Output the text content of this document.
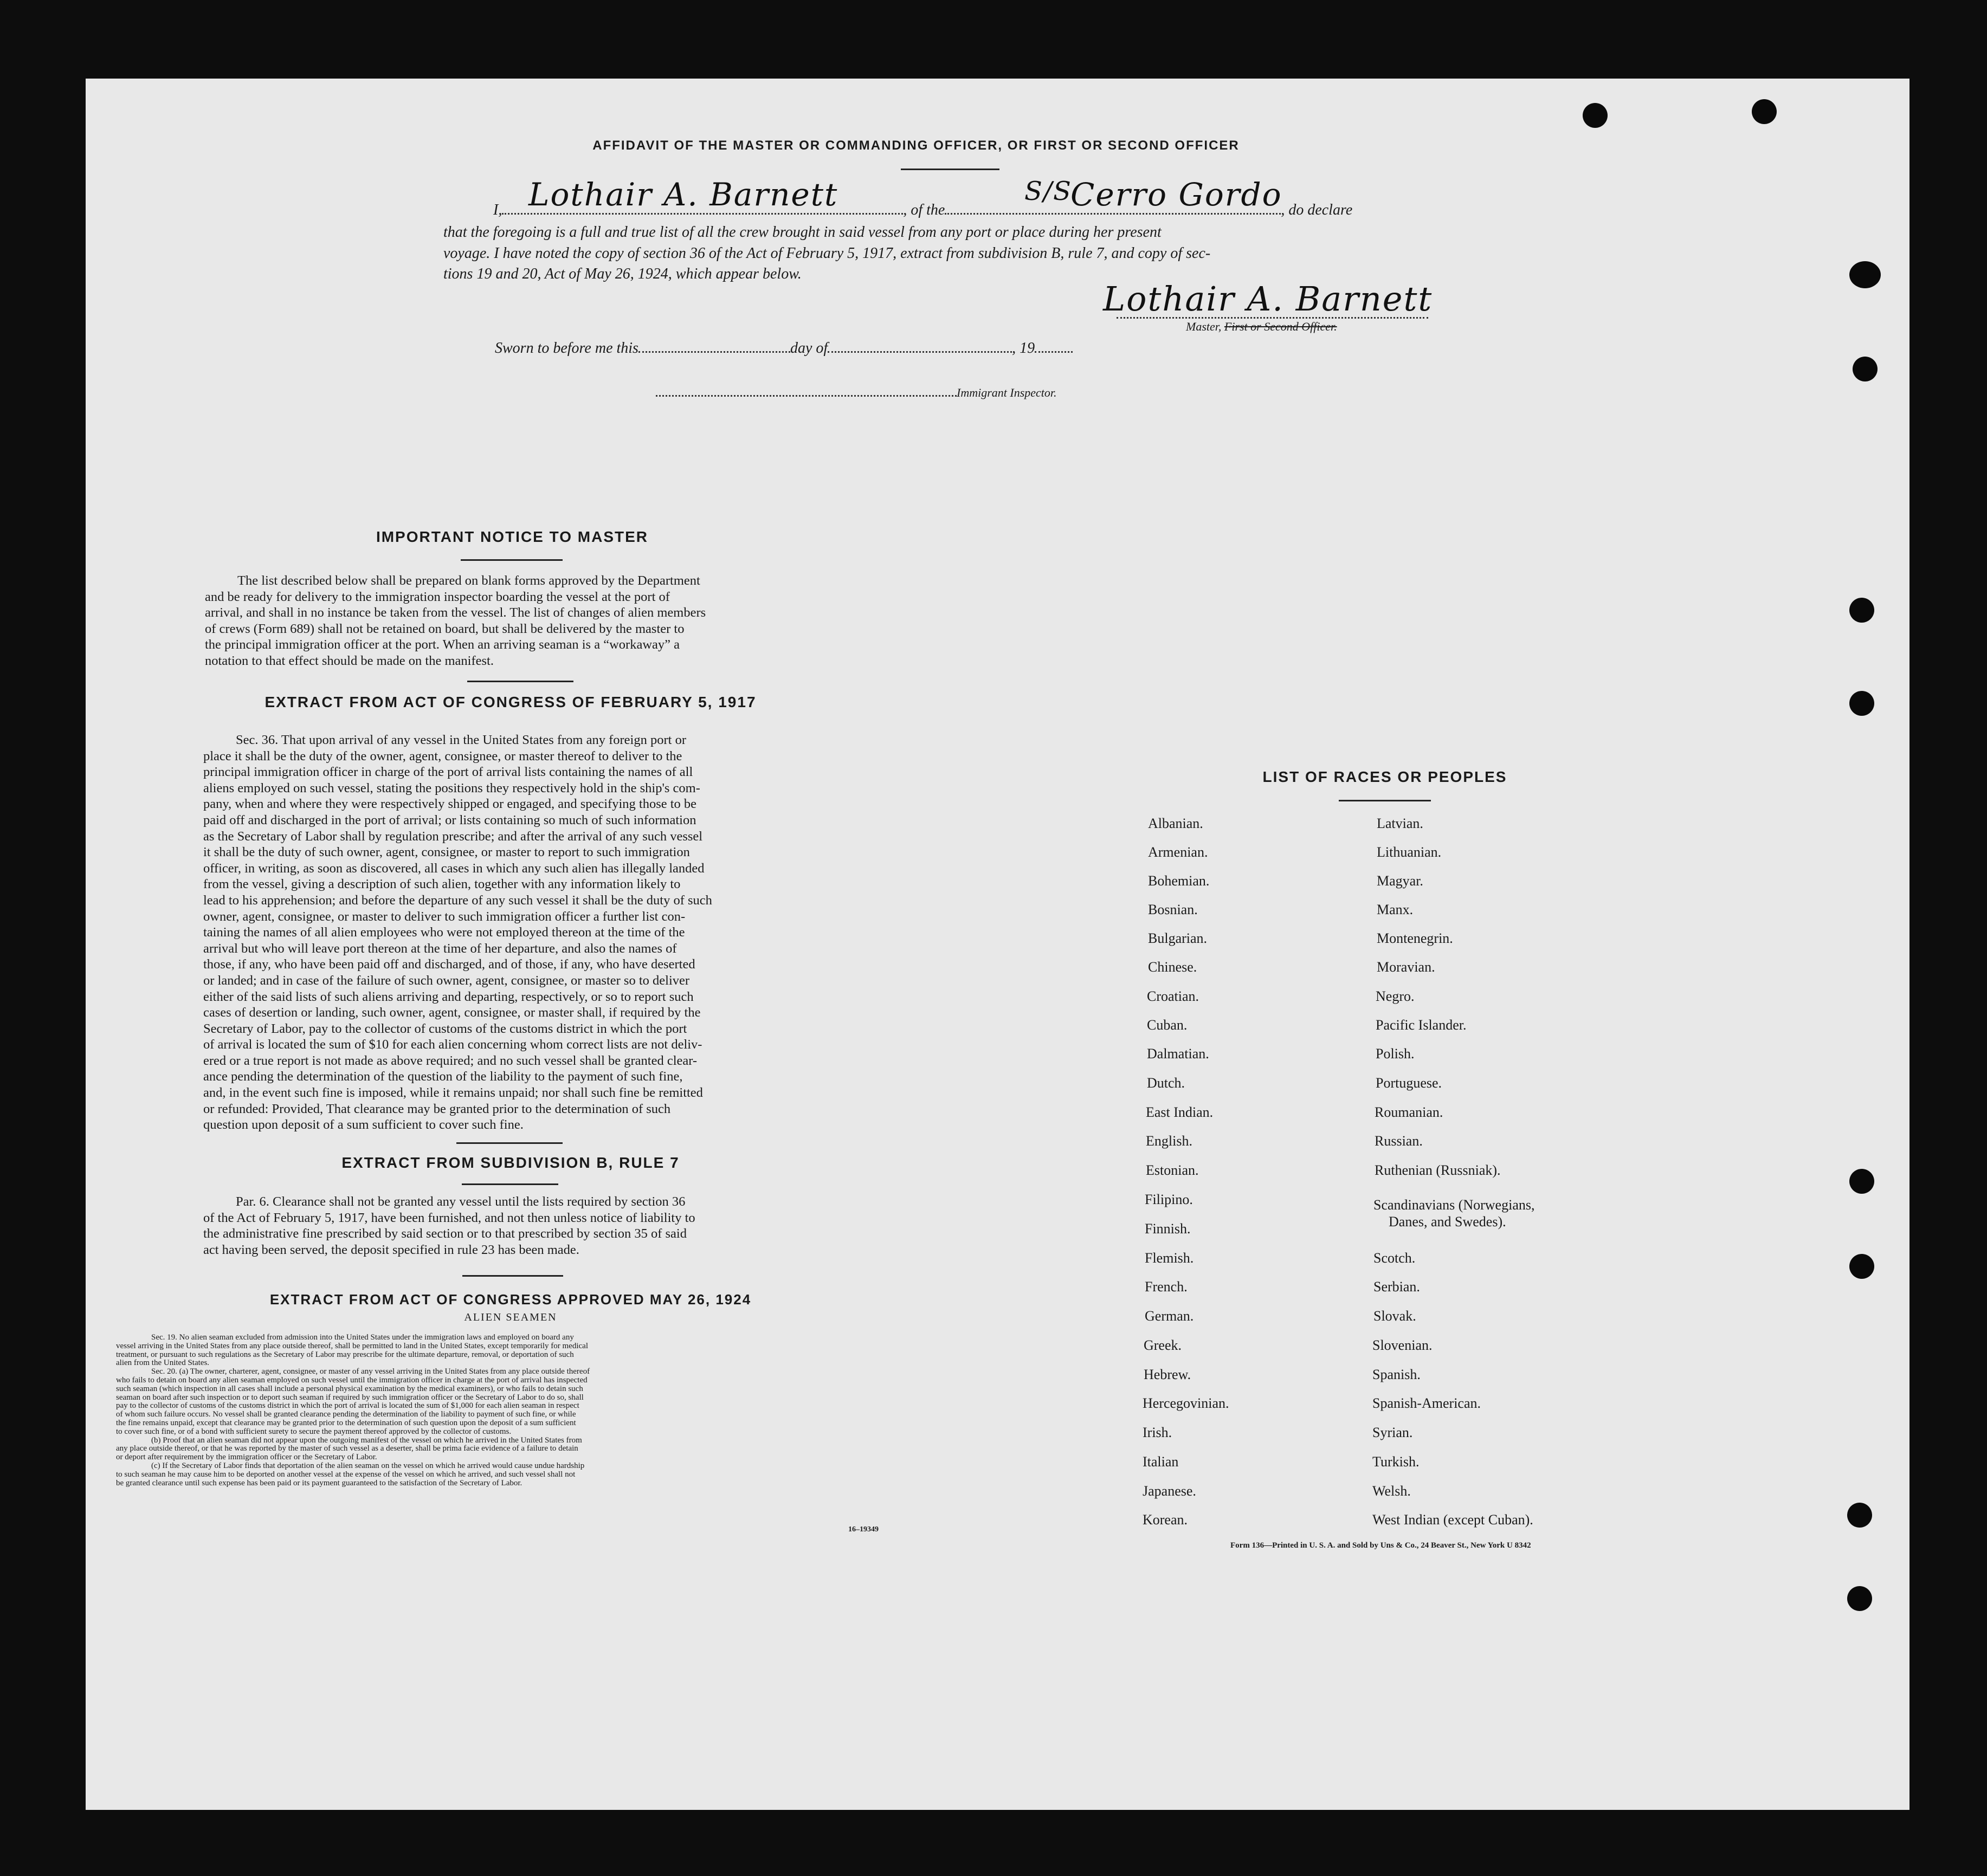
AFFIDAVIT OF THE MASTER OR COMMANDING OFFICER, OR FIRST OR SECOND OFFICER
I,	, of the	, do declare
Lothair A. Barnett	S/S
Cerro Gordo
that the foregoing is a full and true list of all the crew brought in said vessel from any port or place during her present
voyage. I have noted the copy of section 36 of the Act of February 5, 1917, extract from subdivision B, rule 7, and copy of sec-
tions 19 and 20, Act of May 26, 1924, which appear below.
Lothair A. Barnett
Master, First or Second Officer.
Sworn to before me this	day of	, 19
Immigrant Inspector.
IMPORTANT NOTICE TO MASTER
The list described below shall be prepared on blank forms approved by the Department
and be ready for delivery to the immigration inspector boarding the vessel at the port of
arrival, and shall in no instance be taken from the vessel. The list of changes of alien members
of crews (Form 689) shall not be retained on board, but shall be delivered by the master to
the principal immigration officer at the port. When an arriving seaman is a “workaway” a
notation to that effect should be made on the manifest.
EXTRACT FROM ACT OF CONGRESS OF FEBRUARY 5, 1917
Sec. 36. That upon arrival of any vessel in the United States from any foreign port or
place it shall be the duty of the owner, agent, consignee, or master thereof to deliver to the
principal immigration officer in charge of the port of arrival lists containing the names of all
aliens employed on such vessel, stating the positions they respectively hold in the ship's com-
pany, when and where they were respectively shipped or engaged, and specifying those to be
paid off and discharged in the port of arrival; or lists containing so much of such information
as the Secretary of Labor shall by regulation prescribe; and after the arrival of any such vessel
it shall be the duty of such owner, agent, consignee, or master to report to such immigration
officer, in writing, as soon as discovered, all cases in which any such alien has illegally landed
from the vessel, giving a description of such alien, together with any information likely to
lead to his apprehension; and before the departure of any such vessel it shall be the duty of such
owner, agent, consignee, or master to deliver to such immigration officer a further list con-
taining the names of all alien employees who were not employed thereon at the time of the
arrival but who will leave port thereon at the time of her departure, and also the names of
those, if any, who have been paid off and discharged, and of those, if any, who have deserted
or landed; and in case of the failure of such owner, agent, consignee, or master so to deliver
either of the said lists of such aliens arriving and departing, respectively, or so to report such
cases of desertion or landing, such owner, agent, consignee, or master shall, if required by the
Secretary of Labor, pay to the collector of customs of the customs district in which the port
of arrival is located the sum of $10 for each alien concerning whom correct lists are not deliv-
ered or a true report is not made as above required; and no such vessel shall be granted clear-
ance pending the determination of the question of the liability to the payment of such fine,
and, in the event such fine is imposed, while it remains unpaid; nor shall such fine be remitted
or refunded: Provided, That clearance may be granted prior to the determination of such
question upon deposit of a sum sufficient to cover such fine.
EXTRACT FROM SUBDIVISION B, RULE 7
Par. 6. Clearance shall not be granted any vessel until the lists required by section 36
of the Act of February 5, 1917, have been furnished, and not then unless notice of liability to
the administrative fine prescribed by said section or to that prescribed by section 35 of said
act having been served, the deposit specified in rule 23 has been made.
EXTRACT FROM ACT OF CONGRESS APPROVED MAY 26, 1924
ALIEN SEAMEN
Sec. 19. No alien seaman excluded from admission into the United States under the immigration laws and employed on board any
vessel arriving in the United States from any place outside thereof, shall be permitted to land in the United States, except temporarily for medical
treatment, or pursuant to such regulations as the Secretary of Labor may prescribe for the ultimate departure, removal, or deportation of such
alien from the United States.
Sec. 20. (a) The owner, charterer, agent, consignee, or master of any vessel arriving in the United States from any place outside thereof
who fails to detain on board any alien seaman employed on such vessel until the immigration officer in charge at the port of arrival has inspected
such seaman (which inspection in all cases shall include a personal physical examination by the medical examiners), or who fails to detain such
seaman on board after such inspection or to deport such seaman if required by such immigration officer or the Secretary of Labor to do so, shall
pay to the collector of customs of the customs district in which the port of arrival is located the sum of $1,000 for each alien seaman in respect
of whom such failure occurs. No vessel shall be granted clearance pending the determination of the liability to payment of such fine, or while
the fine remains unpaid, except that clearance may be granted prior to the determination of such question upon the deposit of a sum sufficient
to cover such fine, or of a bond with sufficient surety to secure the payment thereof approved by the collector of customs.
(b) Proof that an alien seaman did not appear upon the outgoing manifest of the vessel on which he arrived in the United States from
any place outside thereof, or that he was reported by the master of such vessel as a deserter, shall be prima facie evidence of a failure to detain
or deport after requirement by the immigration officer or the Secretary of Labor.
(c) If the Secretary of Labor finds that deportation of the alien seaman on the vessel on which he arrived would cause undue hardship
to such seaman he may cause him to be deported on another vessel at the expense of the vessel on which he arrived, and such vessel shall not
be granted clearance until such expense has been paid or its payment guaranteed to the satisfaction of the Secretary of Labor.
16–19349
LIST OF RACES OR PEOPLES
Albanian.
Armenian.
Bohemian.
Bosnian.
Bulgarian.
Chinese.
Croatian.
Cuban.
Dalmatian.
Dutch.
East Indian.
English.
Estonian.
Filipino.
Finnish.
Flemish.
French.
German.
Greek.
Hebrew.
Hercegovinian.
Irish.
Italian
Japanese.
Korean.
Latvian.
Lithuanian.
Magyar.
Manx.
Montenegrin.
Moravian.
Negro.
Pacific Islander.
Polish.
Portuguese.
Roumanian.
Russian.
Ruthenian (Russniak).
Scandinavians (Norwegians,
Danes, and Swedes).
Scotch.
Serbian.
Slovak.
Slovenian.
Spanish.
Spanish-American.
Syrian.
Turkish.
Welsh.
West Indian (except Cuban).
Form 136—Printed in U. S. A. and Sold by Uns & Co., 24 Beaver St., New York U 8342
